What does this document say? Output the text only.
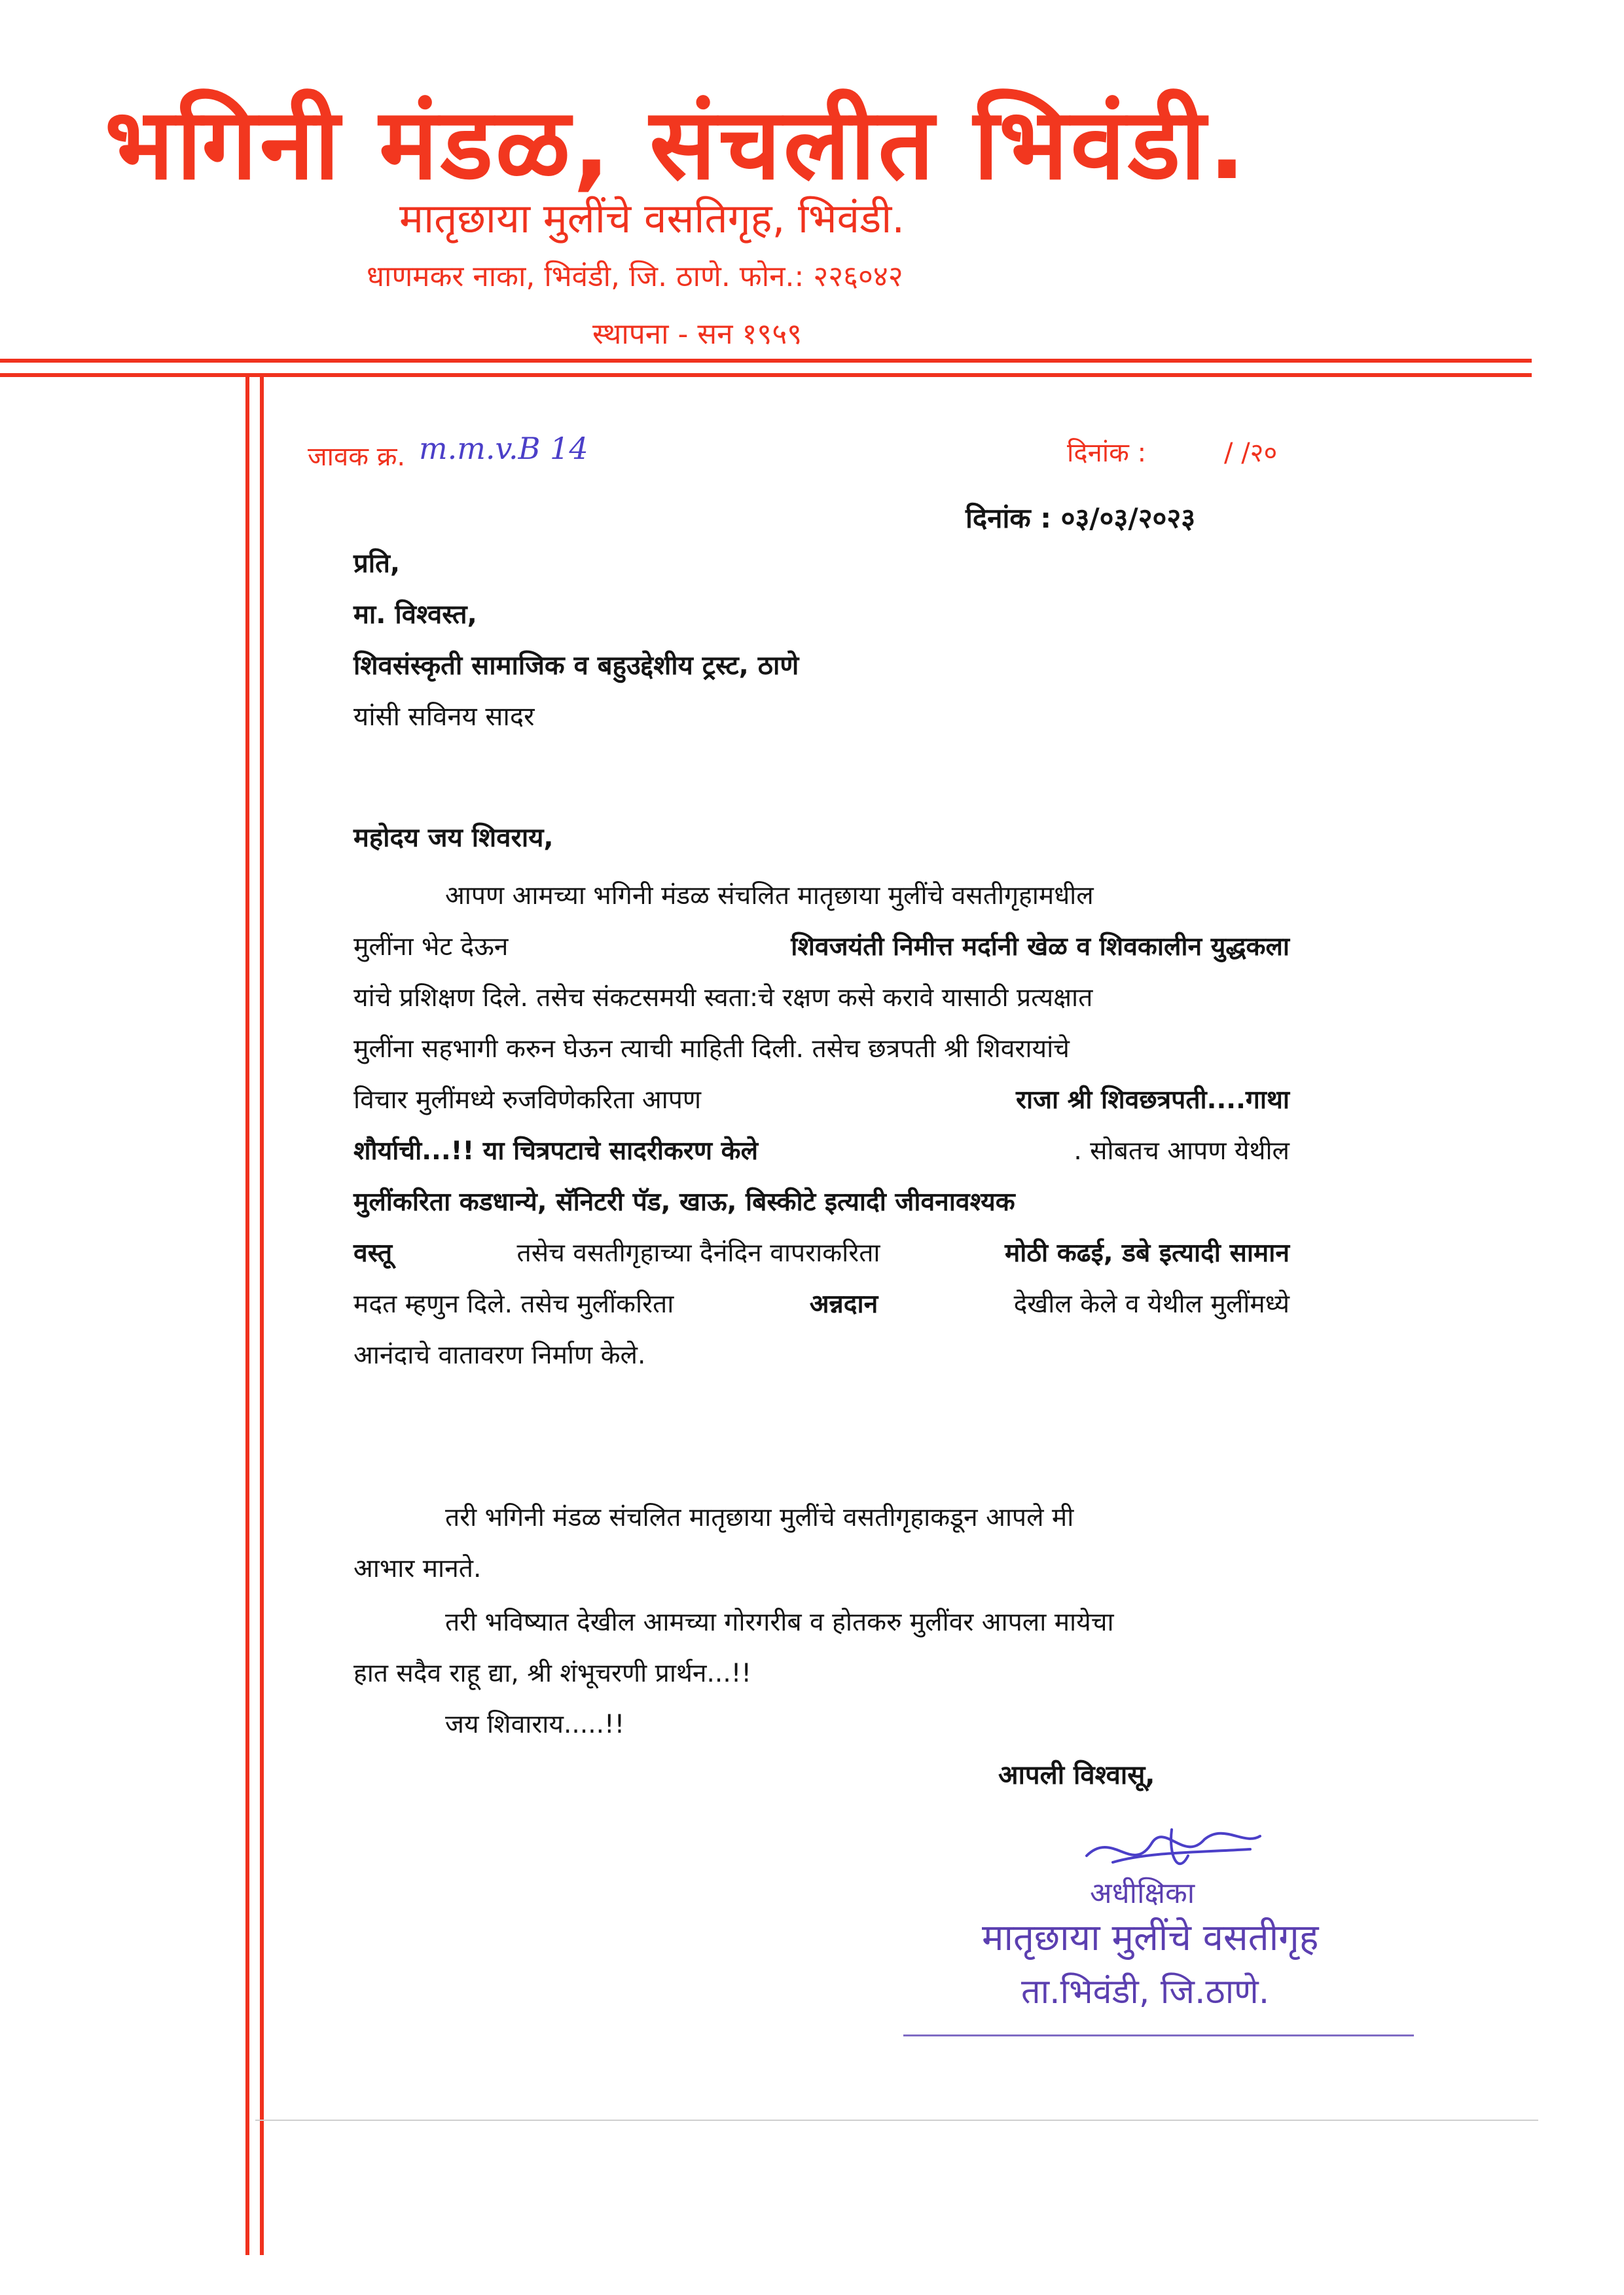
भगिनी मंडळ, संचलीत भिवंडी.
मातृछाया मुलींचे वसतिगृह, भिवंडी.
धाणमकर नाका, भिवंडी, जि. ठाणे. फोन.: २२६०४२
स्थापना - सन १९५९
जावक क्र. m.m.v.B 14	दिनांक :	/ /२०
दिनांक : ०३/०३/२०२३
प्रति,
मा. विश्वस्त,
शिवसंस्कृती सामाजिक व बहुउद्देशीय ट्रस्ट, ठाणे
यांसी सविनय सादर
महोदय जय शिवराय,
आपण आमच्या भगिनी मंडळ संचलित मातृछाया मुलींचे वसतीगृहामधील
मुलींना भेट देऊन	शिवजयंती निमीत्त मर्दानी खेळ व शिवकालीन युद्धकला
यांचे प्रशिक्षण दिले. तसेच संकटसमयी स्वता:चे रक्षण कसे करावे यासाठी प्रत्यक्षात
मुलींना सहभागी करुन घेऊन त्याची माहिती दिली. तसेच छत्रपती श्री शिवरायांचे
विचार मुलींमध्ये रुजविणेकरिता आपण	राजा श्री शिवछत्रपती....गाथा
शौर्याची...!! या चित्रपटाचे सादरीकरण केले	. सोबतच आपण येथील
मुलींकरिता कडधान्ये, सॅनिटरी पॅड, खाऊ, बिस्कीटे इत्यादी जीवनावश्यक
वस्तू	तसेच वसतीगृहाच्या दैनंदिन वापराकरिता	मोठी कढई, डबे इत्यादी सामान
मदत म्हणुन दिले. तसेच मुलींकरिता	अन्नदान	देखील केले व येथील मुलींमध्ये
आनंदाचे वातावरण निर्माण केले.
तरी भगिनी मंडळ संचलित मातृछाया मुलींचे वसतीगृहाकडून आपले मी
आभार मानते.
तरी भविष्यात देखील आमच्या गोरगरीब व होतकरु मुलींवर आपला मायेचा
हात सदैव राहू द्या, श्री शंभूचरणी प्रार्थन...!!
जय शिवाराय.....!!
आपली विश्वासू,
अधीक्षिका
मातृछाया मुलींचे वसतीगृह
ता.भिवंडी, जि.ठाणे.
